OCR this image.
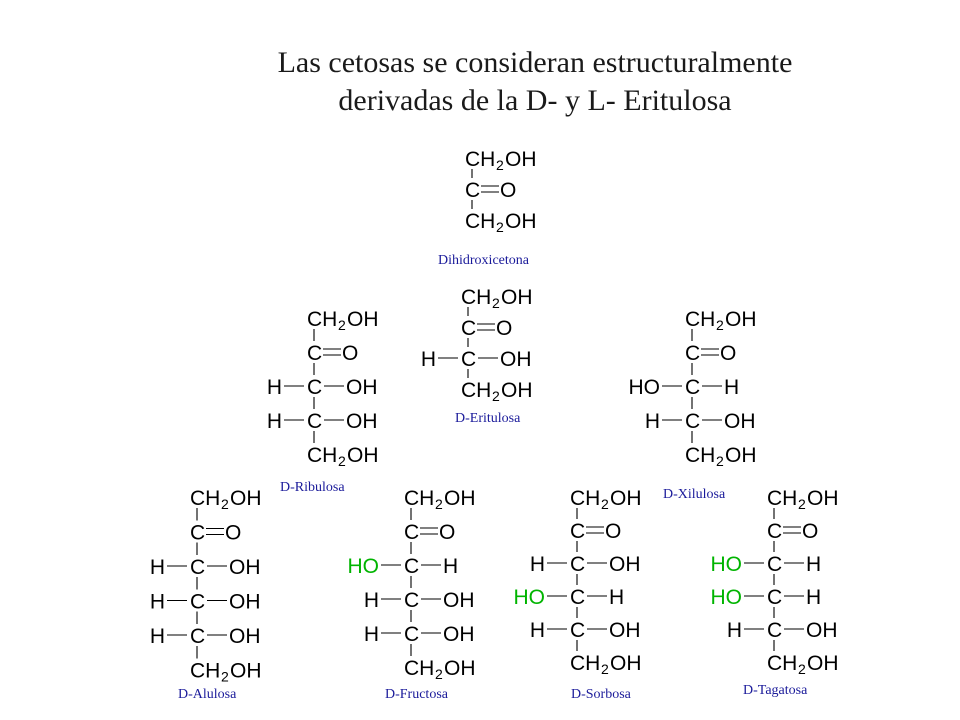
Las cetosas se consideran estructuralmente
derivadas de la D- y L- Eritulosa
CH 2 OH
C O
CH 2 OH
Dihidroxicetona
CH 2 OH
C O
C
H	OH
CH 2 OH
D-Eritulosa
CH 2 OH
C O
C
H	OH
C
H	OH
CH 2 OH
D-Ribulosa
CH 2 OH
C O
C
HO	H
C
H	OH
CH 2 OH
D-Xilulosa
CH 2 OH
C O
C
H	OH
C
H	OH
C
H	OH
CH 2 OH
D-Alulosa
CH 2 OH
C O
C
HO	H
C
H	OH
C
H	OH
CH 2 OH
D-Fructosa
CH 2 OH
C O
C
H	OH
C
HO	H
C
H	OH
CH 2 OH
D-Sorbosa
CH 2 OH
C O
C
HO	H
C
HO	H
C
H	OH
CH 2 OH
D-Tagatosa
